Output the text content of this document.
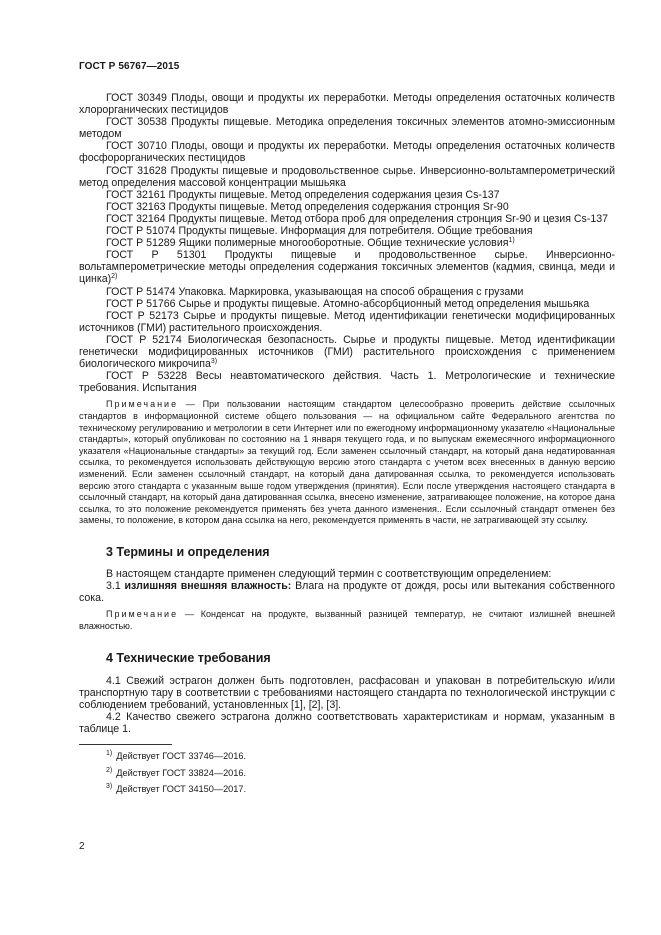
ГОСТ Р 56767—2015

ГОСТ 30349 Плоды, овощи и продукты их переработки. Методы определения остаточных количеств хлорорганических пестицидов

ГОСТ 30538 Продукты пищевые. Методика определения токсичных элементов атомно-эмиссионным методом

ГОСТ 30710 Плоды, овощи и продукты их переработки. Методы определения остаточных количеств фосфорорганических пестицидов

ГОСТ 31628 Продукты пищевые и продовольственное сырье. Инверсионно-вольтамперометрический метод определения массовой концентрации мышьяка

ГОСТ 32161 Продукты пищевые. Метод определения содержания цезия Cs-137

ГОСТ 32163 Продукты пищевые. Метод определения содержания стронция Sr-90

ГОСТ 32164 Продукты пищевые. Метод отбора проб для определения стронция Sr-90 и цезия Cs-137

ГОСТ Р 51074 Продукты пищевые. Информация для потребителя. Общие требования

ГОСТ Р 51289 Ящики полимерные многооборотные. Общие технические условия$^{1)}$

ГОСТ Р 51301 Продукты пищевые и продовольственное сырье. Инверсионно-вольтамперометрические методы определения содержания токсичных элементов (кадмия, свинца, меди и цинка)$^{2)}$

ГОСТ Р 51474 Упаковка. Маркировка, указывающая на способ обращения с грузами

ГОСТ Р 51766 Сырье и продукты пищевые. Атомно-абсорбционный метод определения мышьяка

ГОСТ Р 52173 Сырье и продукты пищевые. Метод идентификации генетически модифицированных источников (ГМИ) растительного происхождения.

ГОСТ Р 52174 Биологическая безопасность. Сырье и продукты пищевые. Метод идентификации генетически модифицированных источников (ГМИ) растительного происхождения с применением биологического микрочипа$^{3)}$

ГОСТ Р 53228 Весы неавтоматического действия. Часть 1. Метрологические и технические требования. Испытания

Примечание — При пользовании настоящим стандартом целесообразно проверить действие ссылочных стандартов в информационной системе общего пользования — на официальном сайте Федерального агентства по техническому регулированию и метрологии в сети Интернет или по ежегодному информационному указателю «Национальные стандарты», который опубликован по состоянию на 1 января текущего года, и по выпускам ежемесячного информационного указателя «Национальные стандарты» за текущий год. Если заменен ссылочный стандарт, на который дана недатированная ссылка, то рекомендуется использовать действующую версию этого стандарта с учетом всех внесенных в данную версию изменений. Если заменен ссылочный стандарт, на который дана датированная ссылка, то рекомендуется использовать версию этого стандарта с указанным выше годом утверждения (принятия). Если после утверждения настоящего стандарта в ссылочный стандарт, на который дана датированная ссылка, внесено изменение, затрагивающее положение, на которое дана ссылка, то это положение рекомендуется применять без учета данного изменения.. Если ссылочный стандарт отменен без замены, то положение, в котором дана ссылка на него, рекомендуется применять в части, не затрагивающей эту ссылку.

3 Термины и определения

В настоящем стандарте применен следующий термин с соответствующим определением:

3.1 излишняя внешняя влажность: Влага на продукте от дождя, росы или вытекания собственного сока.

Примечание — Конденсат на продукте, вызванный разницей температур, не считают излишней внешней влажностью.

4 Технические требования

4.1 Свежий эстрагон должен быть подготовлен, расфасован и упакован в потребительскую и/или транспортную тару в соответствии с требованиями настоящего стандарта по технологической инструкции с соблюдением требований, установленных [1], [2], [3].

4.2 Качество свежего эстрагона должно соответствовать характеристикам и нормам, указанным в таблице 1.

$^{1)}$ Действует ГОСТ 33746—2016.
$^{2)}$ Действует ГОСТ 33824—2016.
$^{3)}$ Действует ГОСТ 34150—2017.
2
